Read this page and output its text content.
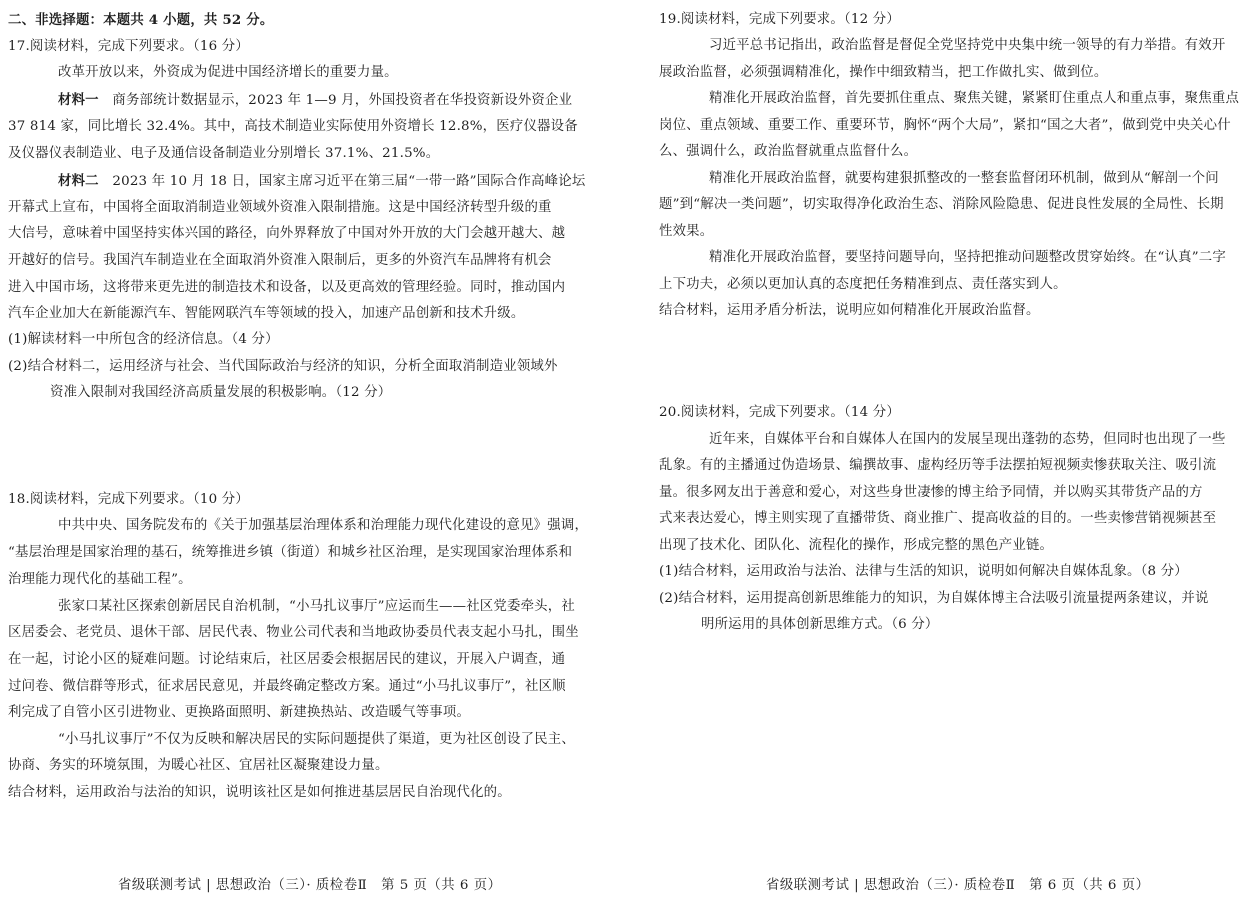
二、非选择题：本题共 4 小题，共 52 分。
17.阅读材料，完成下列要求。（16 分）
改革开放以来，外资成为促进中国经济增长的重要力量。
材料一　 商务部统计数据显示，2023 年 1—9 月，外国投资者在华投资新设外资企业
37 814 家，同比增长 32.4%。其中，高技术制造业实际使用外资增长 12.8%，医疗仪器设备
及仪器仪表制造业、电子及通信设备制造业分别增长 37.1%、21.5%。
材料二　 2023 年 10 月 18 日，国家主席习近平在第三届“一带一路”国际合作高峰论坛
开幕式上宣布，中国将全面取消制造业领域外资准入限制措施。这是中国经济转型升级的重
大信号，意味着中国坚持实体兴国的路径，向外界释放了中国对外开放的大门会越开越大、越
开越好的信号。我国汽车制造业在全面取消外资准入限制后，更多的外资汽车品牌将有机会
进入中国市场，这将带来更先进的制造技术和设备，以及更高效的管理经验。同时，推动国内
汽车企业加大在新能源汽车、智能网联汽车等领域的投入，加速产品创新和技术升级。
(1)解读材料一中所包含的经济信息。（4 分）
(2)结合材料二，运用经济与社会、当代国际政治与经济的知识，分析全面取消制造业领域外
资准入限制对我国经济高质量发展的积极影响。（12 分）
18.阅读材料，完成下列要求。（10 分）
中共中央、国务院发布的《关于加强基层治理体系和治理能力现代化建设的意见》强调，
“基层治理是国家治理的基石，统筹推进乡镇（街道）和城乡社区治理，是实现国家治理体系和
治理能力现代化的基础工程”。
张家口某社区探索创新居民自治机制，“小马扎议事厅”应运而生——社区党委牵头，社
区居委会、老党员、退休干部、居民代表、物业公司代表和当地政协委员代表支起小马扎，围坐
在一起，讨论小区的疑难问题。讨论结束后，社区居委会根据居民的建议，开展入户调查，通
过问卷、微信群等形式，征求居民意见，并最终确定整改方案。通过“小马扎议事厅”，社区顺
利完成了自管小区引进物业、更换路面照明、新建换热站、改造暖气等事项。
“小马扎议事厅”不仅为反映和解决居民的实际问题提供了渠道，更为社区创设了民主、
协商、务实的环境氛围，为暖心社区、宜居社区凝聚建设力量。
结合材料，运用政治与法治的知识，说明该社区是如何推进基层居民自治现代化的。
省级联测考试 | 思想政治（三）· 质检卷Ⅱ　第 5 页（共 6 页）
19.阅读材料，完成下列要求。（12 分）
习近平总书记指出，政治监督是督促全党坚持党中央集中统一领导的有力举措。有效开
展政治监督，必须强调精准化，操作中细致精当，把工作做扎实、做到位。
精准化开展政治监督，首先要抓住重点、聚焦关键，紧紧盯住重点人和重点事，聚焦重点
岗位、重点领域、重要工作、重要环节，胸怀“两个大局”，紧扣“国之大者”，做到党中央关心什
么、强调什么，政治监督就重点监督什么。
精准化开展政治监督，就要构建狠抓整改的一整套监督闭环机制，做到从“解剖一个问
题”到“解决一类问题”，切实取得净化政治生态、消除风险隐患、促进良性发展的全局性、长期
性效果。
精准化开展政治监督，要坚持问题导向，坚持把推动问题整改贯穿始终。在“认真”二字
上下功夫，必须以更加认真的态度把任务精准到点、责任落实到人。
结合材料，运用矛盾分析法，说明应如何精准化开展政治监督。
20.阅读材料，完成下列要求。（14 分）
近年来，自媒体平台和自媒体人在国内的发展呈现出蓬勃的态势，但同时也出现了一些
乱象。有的主播通过伪造场景、编撰故事、虚构经历等手法摆拍短视频卖惨获取关注、吸引流
量。很多网友出于善意和爱心，对这些身世凄惨的博主给予同情，并以购买其带货产品的方
式来表达爱心，博主则实现了直播带货、商业推广、提高收益的目的。一些卖惨营销视频甚至
出现了技术化、团队化、流程化的操作，形成完整的黑色产业链。
(1)结合材料，运用政治与法治、法律与生活的知识，说明如何解决自媒体乱象。（8 分）
(2)结合材料，运用提高创新思维能力的知识，为自媒体博主合法吸引流量提两条建议，并说
明所运用的具体创新思维方式。（6 分）
省级联测考试 | 思想政治（三）· 质检卷Ⅱ　第 6 页（共 6 页）
